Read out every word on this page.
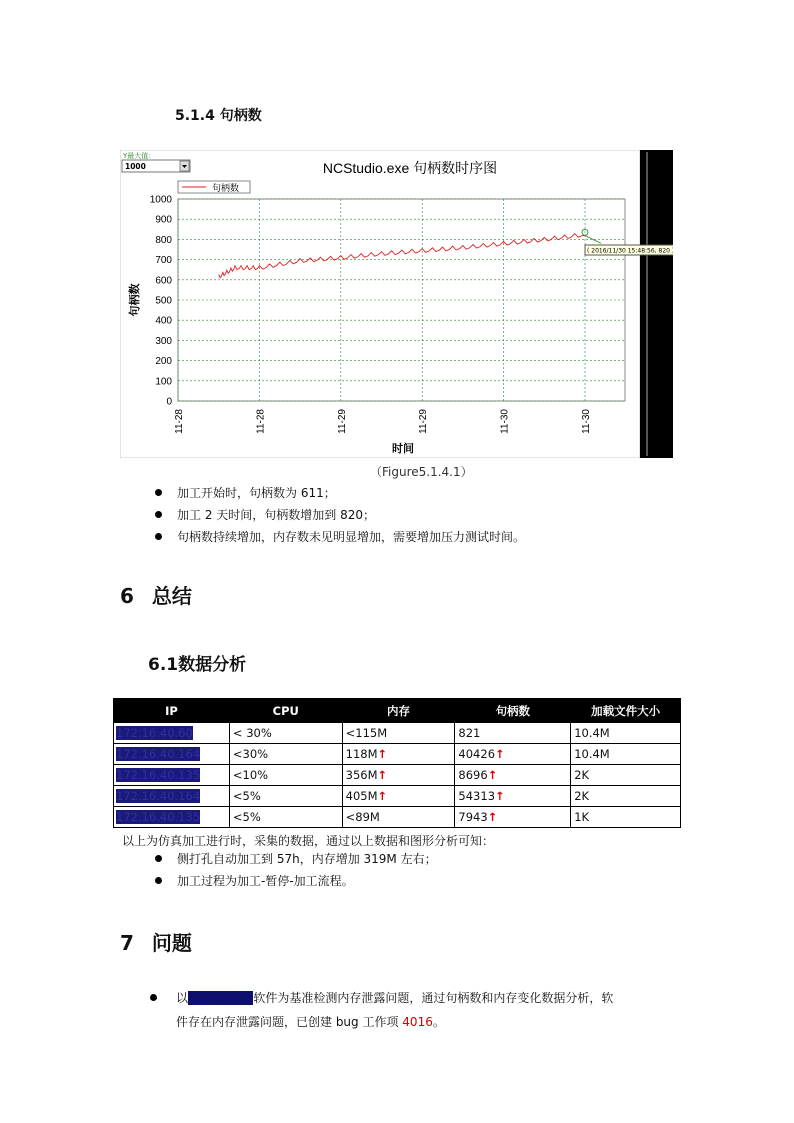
5.1.4 句柄数
Y最大值：
1000	NCStudio.exe 句柄数时序图
句柄数
句柄数
时间
0
100
200
300
400
500
600
700
800
900
1000
11-28	11-28	11-29	11-29	11-30	11-30
( 2016/11/30 15:48:56, 820 )
（Figure5.1.4.1）
加工开始时，句柄数为 611；
加工 2 天时间，句柄数增加到 820；
句柄数持续增加，内存数未见明显增加，需要增加压力测试时间。
6 总结
6.1数据分析
IP	CPU	内存	句柄数	加载文件大小
172.16.40.60	< 30%	<115M	821	10.4M
172.16.40.164	<30%	118M↑	40426↑	10.4M
172.16.40.135	<10%	356M↑	8696↑	2K
172.16.40.164	<5%	405M↑	54313↑	2K
172.16.40.135	<5%	<89M	7943↑	1K
以上为仿真加工进行时，采集的数据，通过以上数据和图形分析可知：
侧打孔自动加工到 57h，内存增加 319M 左右；
加工过程为加工-暂停-加工流程。
7 问题
以维宏NC软件软件为基准检测内存泄露问题，通过句柄数和内存变化数据分析，软
件存在内存泄露问题，已创建 bug 工作项 4016。
